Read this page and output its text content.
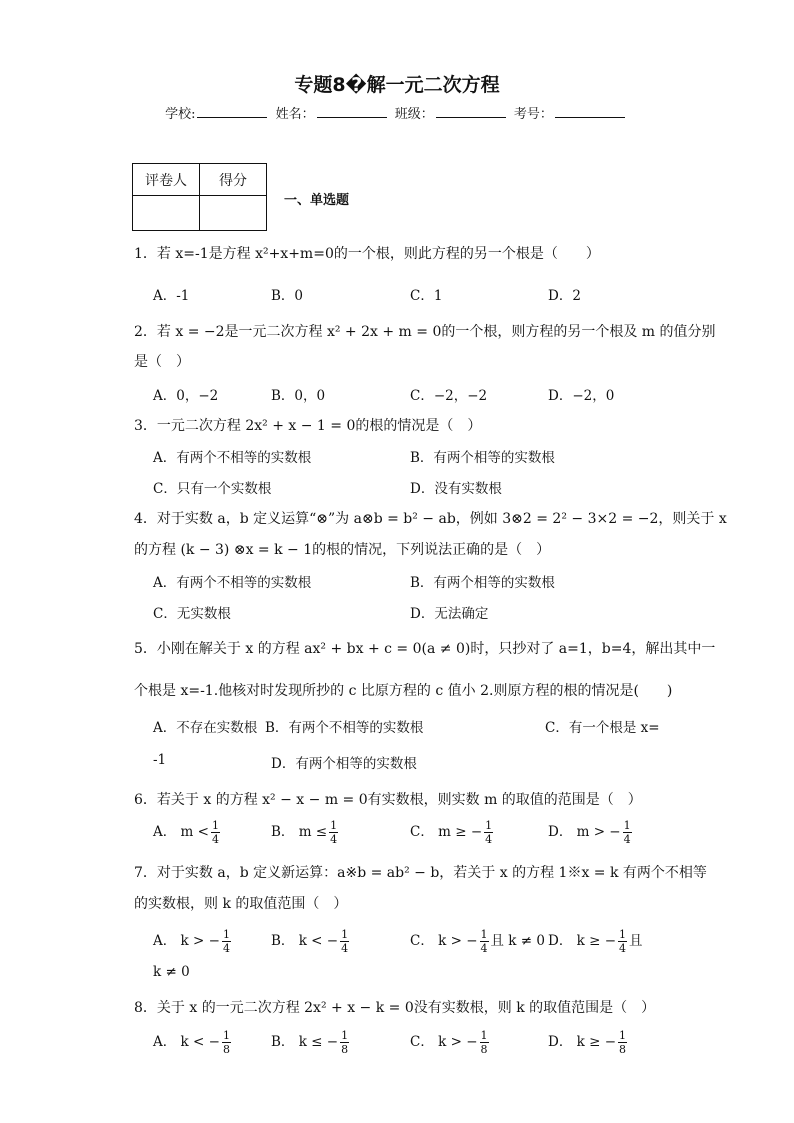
专题8�解一元二次方程
学校:	姓名：	班级：	考号：
评卷人	得分

一、单选题
1．若 x=-1是方程 x²+x+m=0的一个根，则此方程的另一个根是（　　）
A．-1	B．0	C．1	D．2
2．若 x = −2是一元二次方程 x² + 2x + m = 0的一个根，则方程的另一个根及 m 的值分别
是（　）
A．0，−2	B．0，0	C．−2，−2	D．−2，0
3．一元二次方程 2x² + x − 1 = 0的根的情况是（　）
A．有两个不相等的实数根	B．有两个相等的实数根
C．只有一个实数根	D．没有实数根
4．对于实数 a，b 定义运算“⊗”为 a⊗b = b² − ab，例如 3⊗2 = 2² − 3×2 = −2，则关于 x
的方程 (k − 3) ⊗x = k − 1的根的情况，下列说法正确的是（　）
A．有两个不相等的实数根	B．有两个相等的实数根
C．无实数根	D．无法确定
5．小刚在解关于 x 的方程 ax² + bx + c = 0(a ≠ 0)时，只抄对了 a=1，b=4，解出其中一
个根是 x=-1.他核对时发现所抄的 c 比原方程的 c 值小 2.则原方程的根的情况是(　　)
A．不存在实数根 B．有两个不相等的实数根	C．有一个根是 x=
-1	D．有两个相等的实数根
6．若关于 x 的方程 x² − x − m = 0有实数根，则实数 m 的取值的范围是（　）
A． $m < \frac{1}{4}$	B． $m \le \frac{1}{4}$	C． m ≥ − $\frac{1}{4}$	D． m > − $\frac{1}{4}$
7．对于实数 a，b 定义新运算：a※b = ab² − b，若关于 x 的方程 1※x = k 有两个不相等
的实数根，则 k 的取值范围（　）
A． k > − $\frac{1}{4}$	B． k < − $\frac{1}{4}$	C． k > − $\frac{1}{4}$ 且 k ≠ 0 D． k ≥ − $\frac{1}{4}$ 且
k ≠ 0
8．关于 x 的一元二次方程 2x² + x − k = 0没有实数根，则 k 的取值范围是（　）
A． k < − $\frac{1}{8}$	B． k ≤ − $\frac{1}{8}$	C． k > − $\frac{1}{8}$	D． k ≥ − $\frac{1}{8}$
